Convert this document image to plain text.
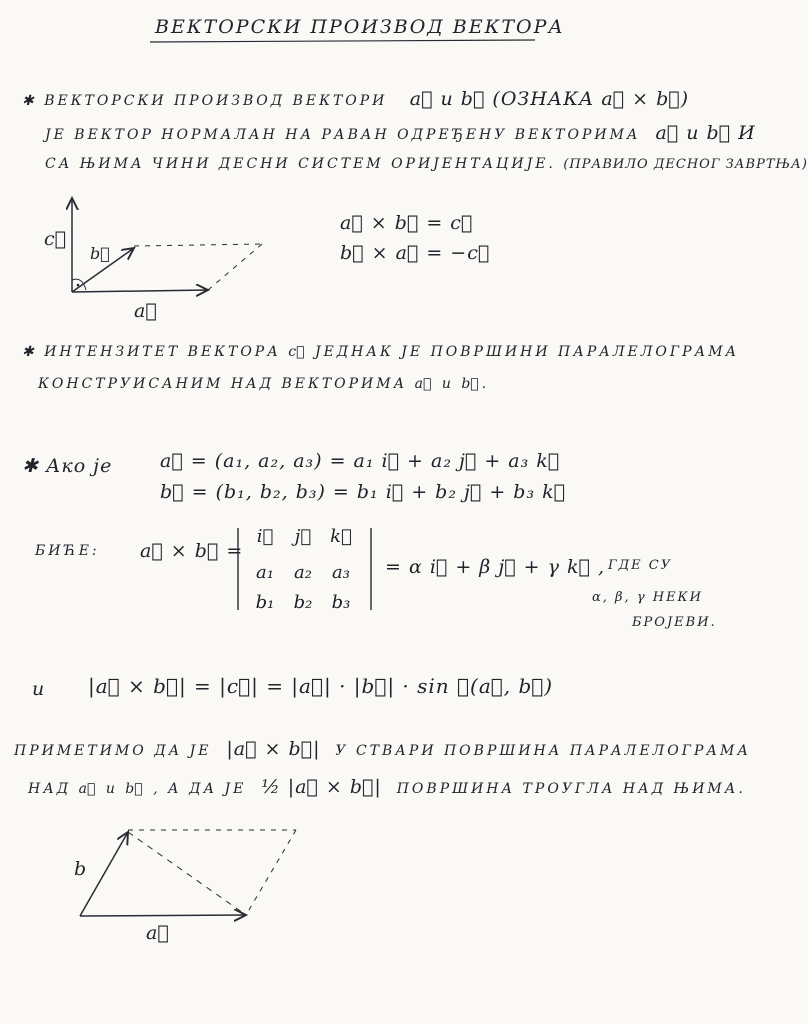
ВЕКТОРСКИ ПРОИЗВОД ВЕКТОРА
✱ ВЕКТОРСКИ ПРОИЗВОД ВЕКТОРИ a⃗ и b⃗ (ОЗНАКА a⃗ × b⃗)
ЈЕ ВЕКТОР НОРМАЛАН НА РАВАН ОДРЕЂЕНУ ВЕКТОРИМА a⃗ и b⃗ И
СА ЊИМА ЧИНИ ДЕСНИ СИСТЕМ ОРИЈЕНТАЦИЈЕ. (ПРАВИЛО ДЕСНОГ ЗАВРТЊА)
c⃗
b⃗
a⃗
a⃗ × b⃗ = c⃗
b⃗ × a⃗ = −c⃗
✱ ИНТЕНЗИТЕТ ВЕКТОРА c⃗ ЈЕДНАК ЈЕ ПОВРШИНИ ПАРАЛЕЛОГРАМА
КОНСТРУИСАНИМ НАД ВЕКТОРИМА a⃗ и b⃗.
✱ Ако је	a⃗ = (a₁, a₂, a₃) = a₁ i⃗ + a₂ j⃗ + a₃ k⃗
b⃗ = (b₁, b₂, b₃) = b₁ i⃗ + b₂ j⃗ + b₃ k⃗
БИЋЕ: a⃗ × b⃗ =
i⃗	j⃗	k⃗
a₁	a₂	a₃
b₁	b₂	b₃
= α i⃗ + β j⃗ + γ k⃗ , ГДЕ СУ
α, β, γ НЕКИ
БРОЈЕВИ.
и |a⃗ × b⃗| = |c⃗| = |a⃗| · |b⃗| · sin ∢(a⃗, b⃗)
ПРИМЕТИМО ДА ЈЕ |a⃗ × b⃗| У СТВАРИ ПОВРШИНА ПАРАЛЕЛОГРАМА
НАД a⃗ и b⃗ , А ДА ЈЕ ½ |a⃗ × b⃗| ПОВРШИНА ТРОУГЛА НАД ЊИМА.
b
a⃗
